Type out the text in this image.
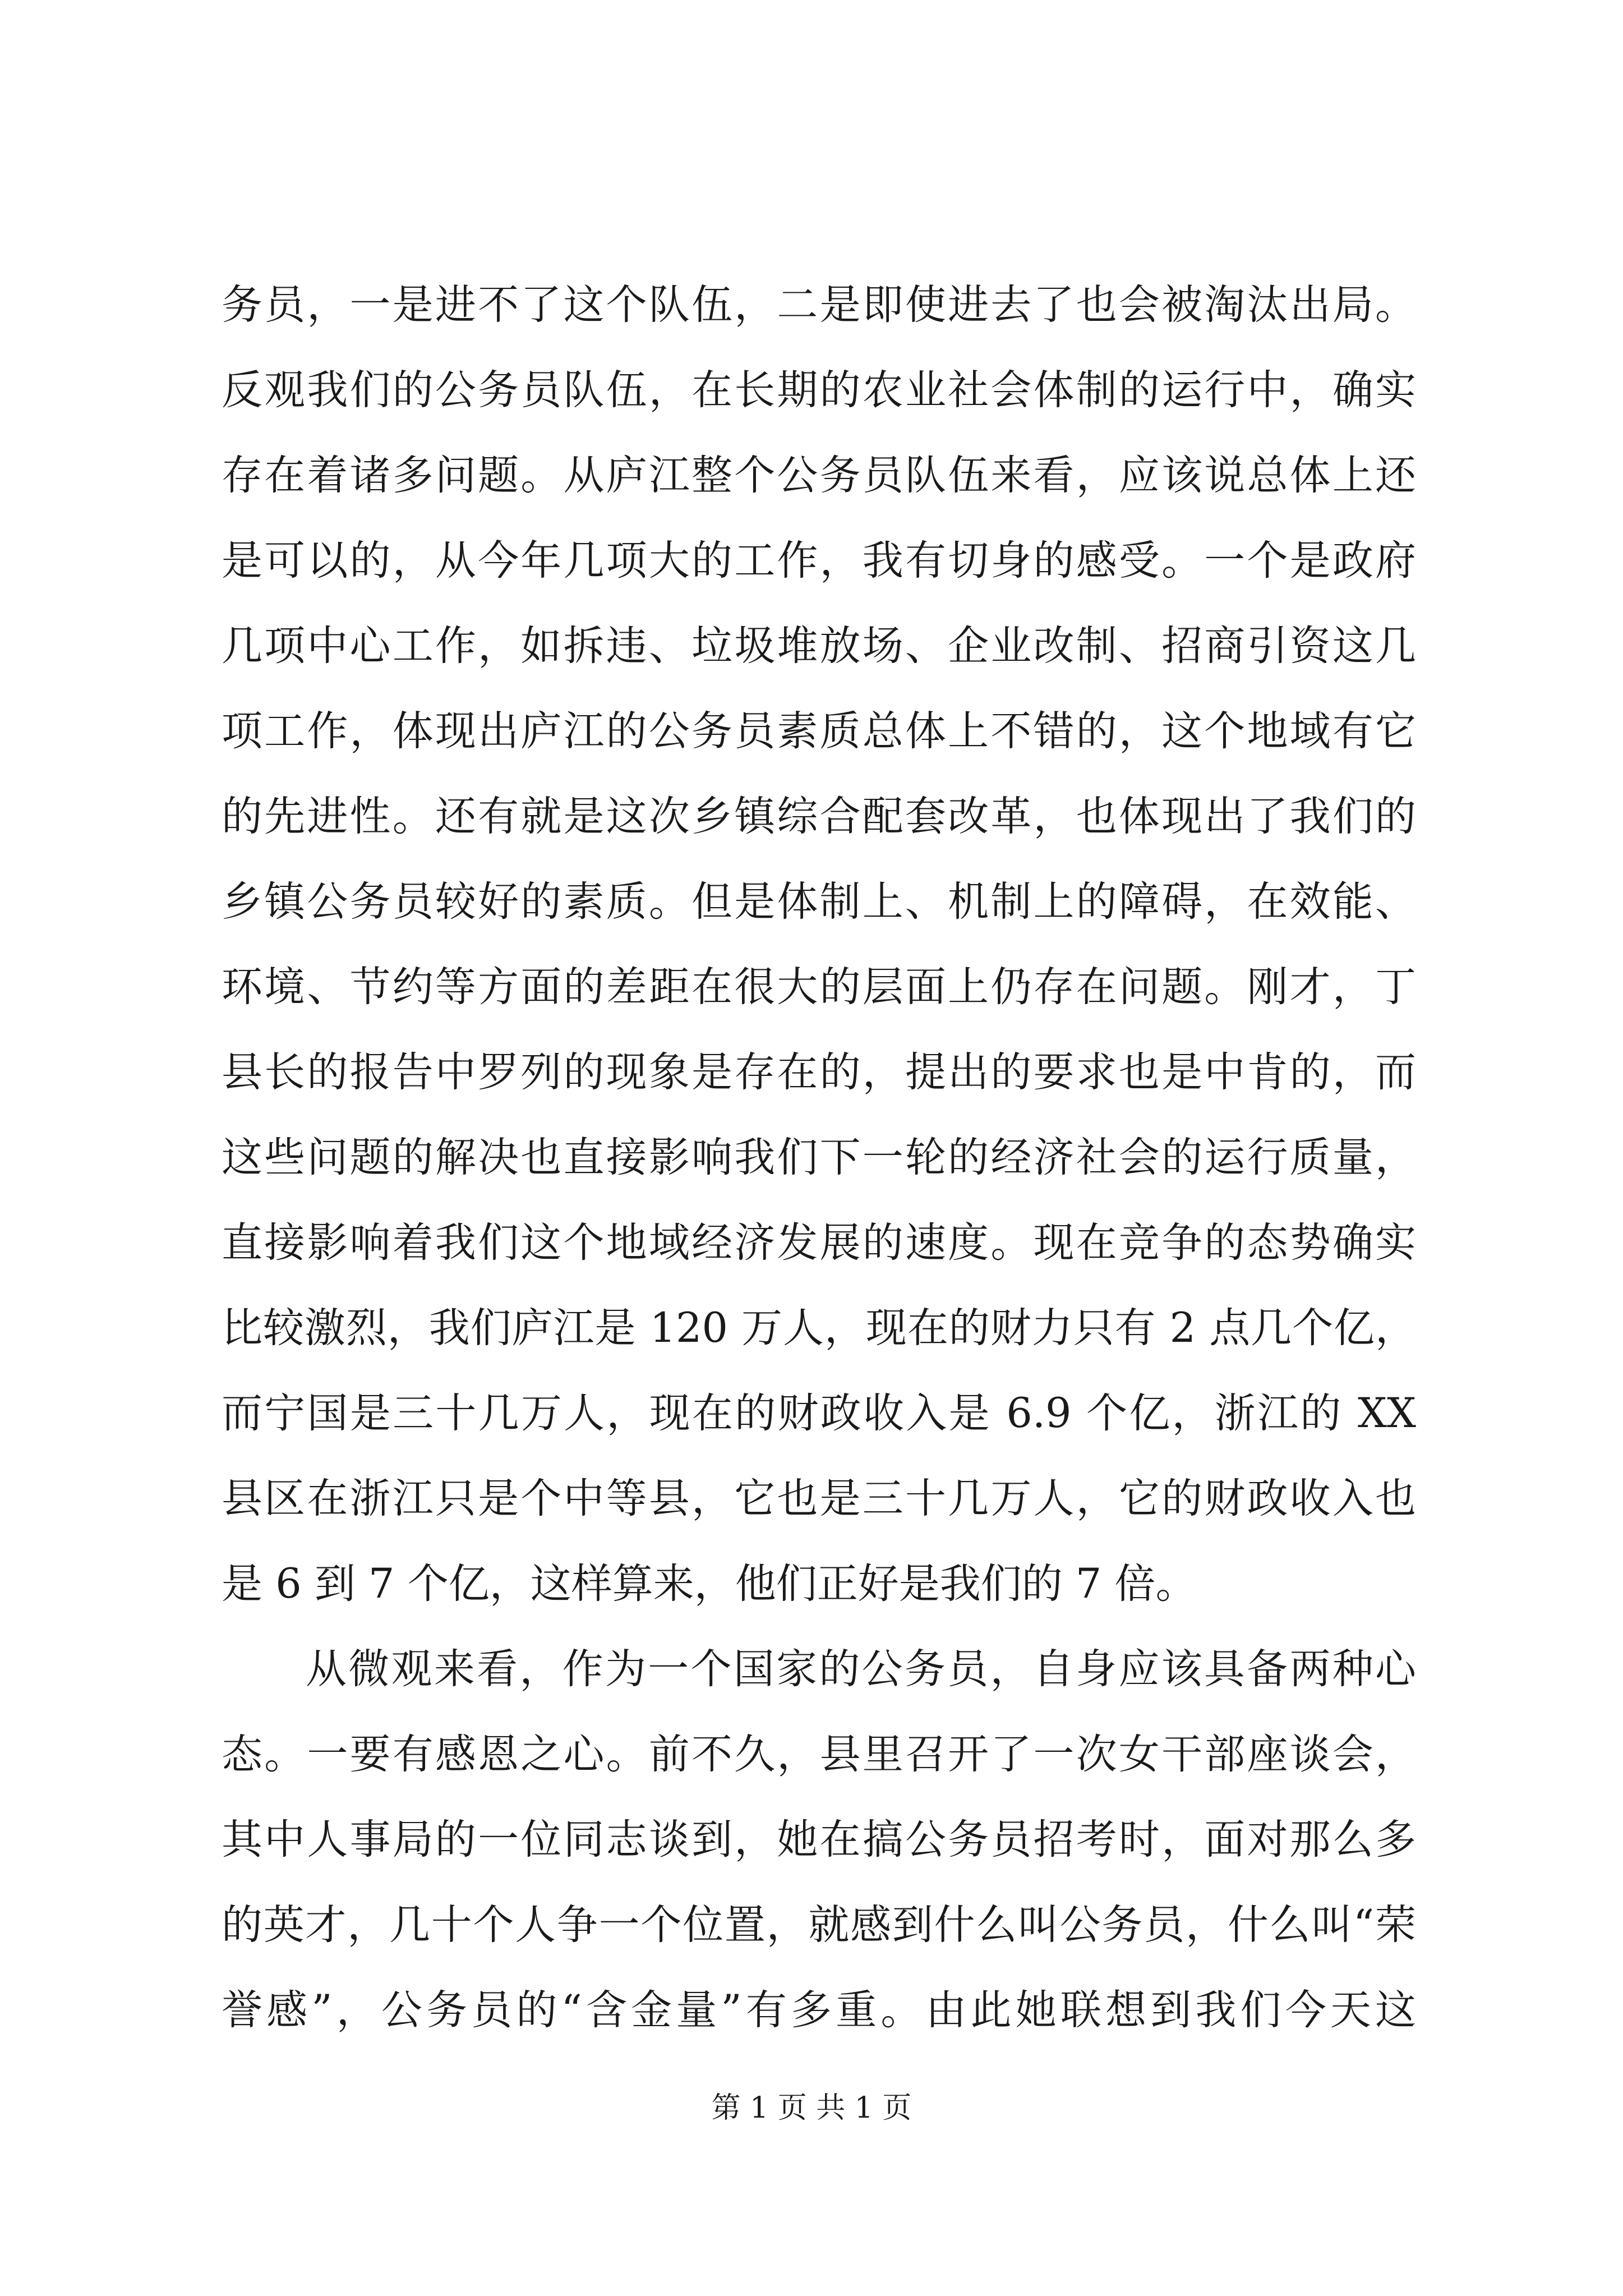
务员，一是进不了这个队伍，二是即使进去了也会被淘汰出局。
反观我们的公务员队伍，在长期的农业社会体制的运行中，确实
存在着诸多问题。从庐江整个公务员队伍来看，应该说总体上还
是可以的，从今年几项大的工作，我有切身的感受。一个是政府
几项中心工作，如拆违、垃圾堆放场、企业改制、招商引资这几
项工作，体现出庐江的公务员素质总体上不错的，这个地域有它
的先进性。还有就是这次乡镇综合配套改革，也体现出了我们的
乡镇公务员较好的素质。但是体制上、机制上的障碍，在效能、
环境、节约等方面的差距在很大的层面上仍存在问题。刚才，丁
县长的报告中罗列的现象是存在的，提出的要求也是中肯的，而
这些问题的解决也直接影响我们下一轮的经济社会的运行质量，
直接影响着我们这个地域经济发展的速度。现在竞争的态势确实
比较激烈，我们庐江是 120 万人，现在的财力只有 2 点几个亿，
而宁国是三十几万人，现在的财政收入是 6.9 个亿，浙江的 XX
县区在浙江只是个中等县，它也是三十几万人，它的财政收入也
是 6 到 7 个亿，这样算来，他们正好是我们的 7 倍。
从微观来看，作为一个国家的公务员，自身应该具备两种心
态。一要有感恩之心。前不久，县里召开了一次女干部座谈会，
其中人事局的一位同志谈到，她在搞公务员招考时，面对那么多
的英才，几十个人争一个位置，就感到什么叫公务员，什么叫“荣
誉感”，公务员的“含金量”有多重。由此她联想到我们今天这
第 1 页 共 1 页
